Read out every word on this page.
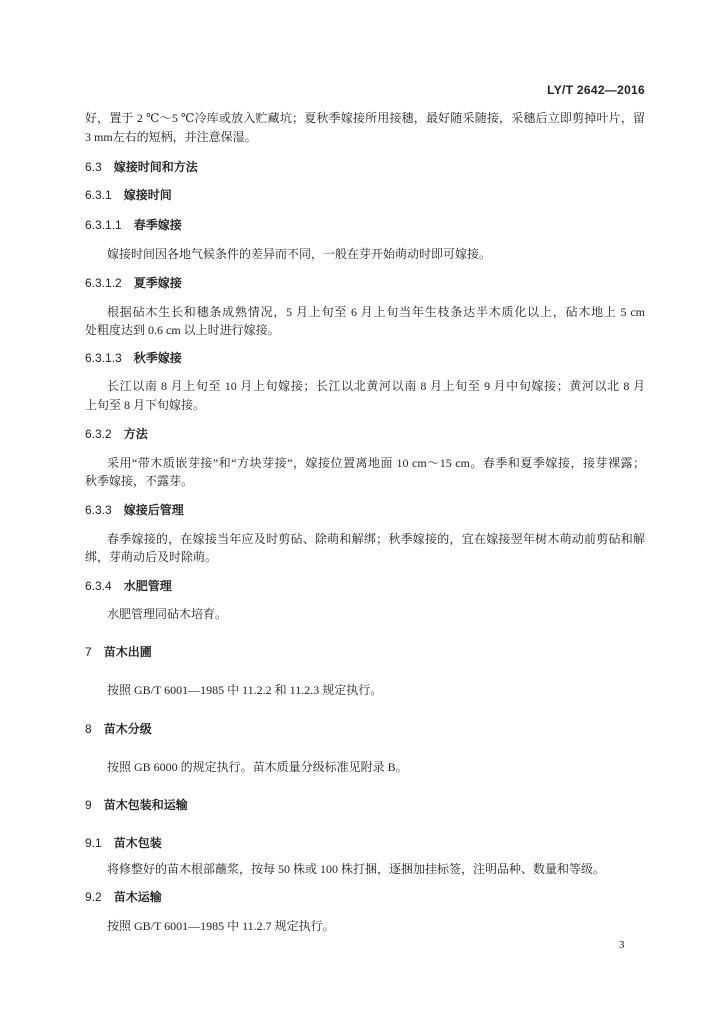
LY/T 2642—2016
好，置于 2 ℃～5 ℃冷库或放入贮藏坑；夏秋季嫁接所用接穗，最好随采随接，采穗后立即剪掉叶片，留
3 mm左右的短柄，并注意保湿。
6.3 嫁接时间和方法
6.3.1 嫁接时间
6.3.1.1 春季嫁接
嫁接时间因各地气候条件的差异而不同，一般在芽开始萌动时即可嫁接。
6.3.1.2 夏季嫁接
根据砧木生长和穗条成熟情况，5 月上旬至 6 月上旬当年生枝条达半木质化以上，砧木地上 5 cm
处粗度达到 0.6 cm 以上时进行嫁接。
6.3.1.3 秋季嫁接
长江以南 8 月上旬至 10 月上旬嫁接；长江以北黄河以南 8 月上旬至 9 月中旬嫁接；黄河以北 8 月
上旬至 8 月下旬嫁接。
6.3.2 方法
采用“带木质嵌芽接”和“方块芽接”，嫁接位置离地面 10 cm～15 cm。春季和夏季嫁接，接芽裸露；
秋季嫁接，不露芽。
6.3.3 嫁接后管理
春季嫁接的，在嫁接当年应及时剪砧、除萌和解绑；秋季嫁接的，宜在嫁接翌年树木萌动前剪砧和解
绑，芽萌动后及时除萌。
6.3.4 水肥管理
水肥管理同砧木培育。
7 苗木出圃
按照 GB/T 6001—1985 中 11.2.2 和 11.2.3 规定执行。
8 苗木分级
按照 GB 6000 的规定执行。苗木质量分级标准见附录 B。
9 苗木包装和运输
9.1 苗木包装
将修整好的苗木根部蘸浆，按每 50 株或 100 株打捆，逐捆加挂标签，注明品种、数量和等级。
9.2 苗木运输
按照 GB/T 6001—1985 中 11.2.7 规定执行。
3
